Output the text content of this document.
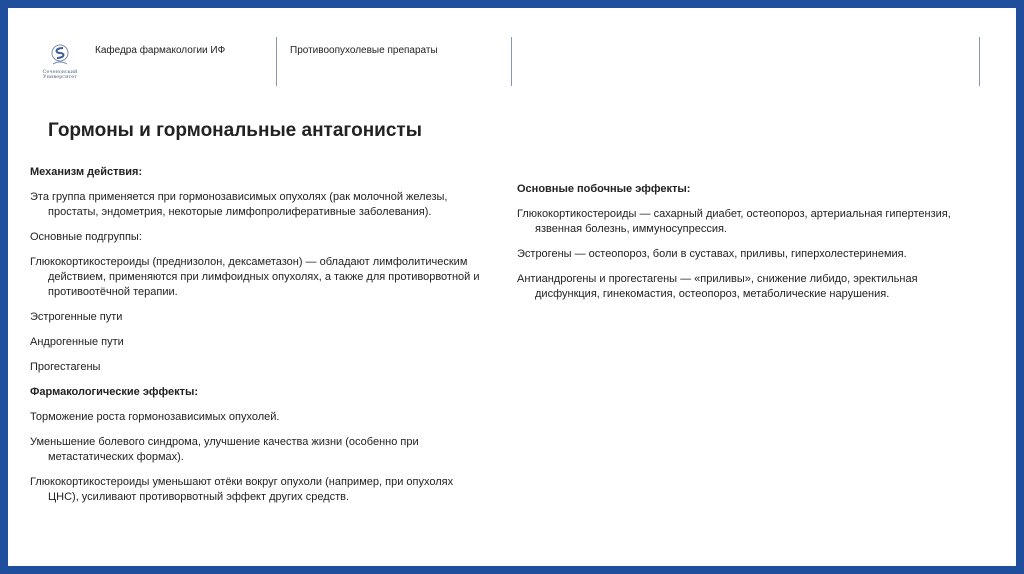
Сеченовский
Университет
Кафедра фармакологии ИФ	Противоопухолевые препараты
Гормоны и гормональные антагонисты

Механизм действия:

Эта группа применяется при гормонозависимых опухолях (рак молочной железы, простаты, эндометрия, некоторые лимфопролиферативные заболевания).

Основные подгруппы:

Глюкокортикостероиды (преднизолон, дексаметазон) — обладают лимфолитическим действием, применяются при лимфоидных опухолях, а также для противорвотной и противоотёчной терапии.

Эстрогенные пути

Андрогенные пути

Прогестагены

Фармакологические эффекты:

Торможение роста гормонозависимых опухолей.

Уменьшение болевого синдрома, улучшение качества жизни (особенно при метастатических формах).

Глюкокортикостероиды уменьшают отёки вокруг опухоли (например, при опухолях ЦНС), усиливают противорвотный эффект других средств.

Основные побочные эффекты:

Глюкокортикостероиды — сахарный диабет, остеопороз, артериальная гипертензия, язвенная болезнь, иммуносупрессия.

Эстрогены — остеопороз, боли в суставах, приливы, гиперхолестеринемия.

Антиандрогены и прогестагены — «приливы», снижение либидо, эректильная дисфункция, гинекомастия, остеопороз, метаболические нарушения.
